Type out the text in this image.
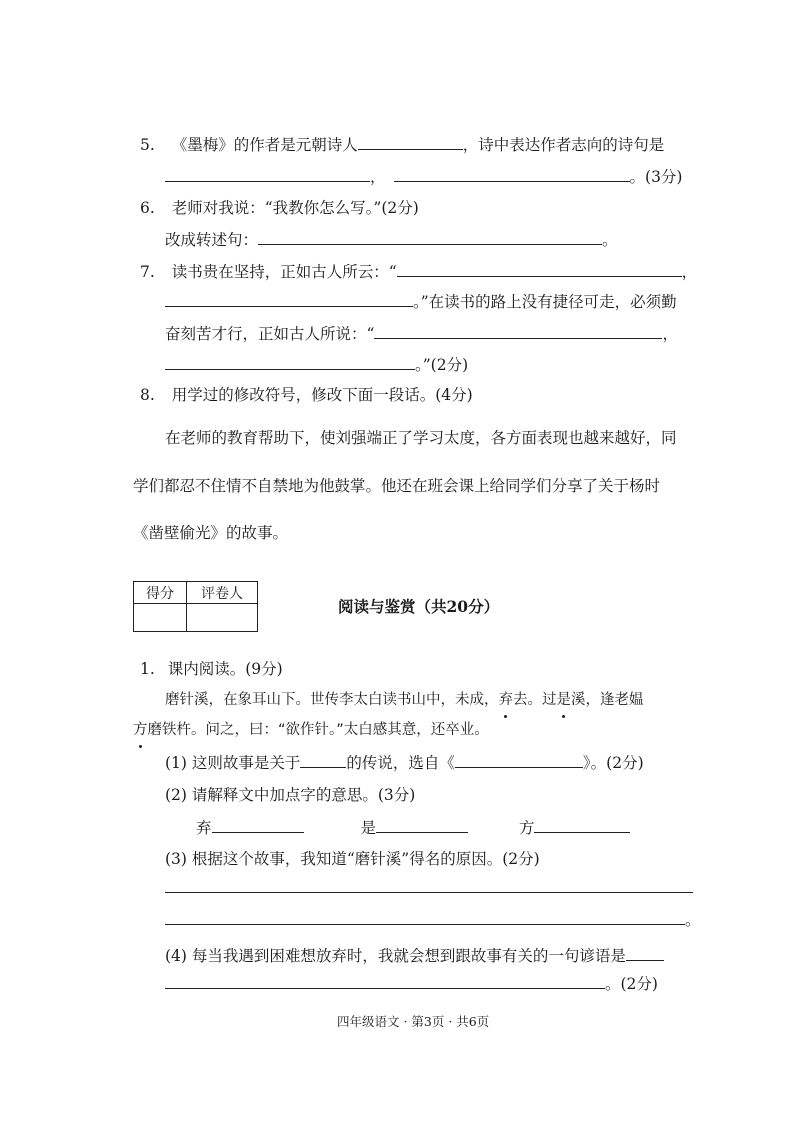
5. 《墨梅》的作者是元朝诗人	，诗中表达作者志向的诗句是
，	。(3分)
6. 老师对我说：“我教你怎么写。”(2分)
改成转述句：	。
7. 读书贵在坚持，正如古人所云：“	，
。”在读书的路上没有捷径可走，必须勤
奋刻苦才行，正如古人所说：“	，
。”(2分)
8. 用学过的修改符号，修改下面一段话。(4分)
在老师的教育帮助下，使刘强端正了学习太度，各方面表现也越来越好，同
学们都忍不住情不自禁地为他鼓掌。他还在班会课上给同学们分享了关于杨时
《凿壁偷光》的故事。
得分	评卷人

阅读与鉴赏（共20分）
1. 课内阅读。(9分)
磨针溪，在象耳山下。世传李太白读书山中，未成，弃去。过是溪，逢老媪
方磨铁杵。问之，曰：“欲作针。”太白感其意，还卒业。
(1) 这则故事是关于	的传说，选自《	》。(2分)
(2) 请解释文中加点字的意思。(3分)
弃	是	方
(3) 根据这个故事，我知道“磨针溪”得名的原因。(2分)
。
(4) 每当我遇到困难想放弃时，我就会想到跟故事有关的一句谚语是
。(2分)
四年级语文 · 第3页 · 共6页
